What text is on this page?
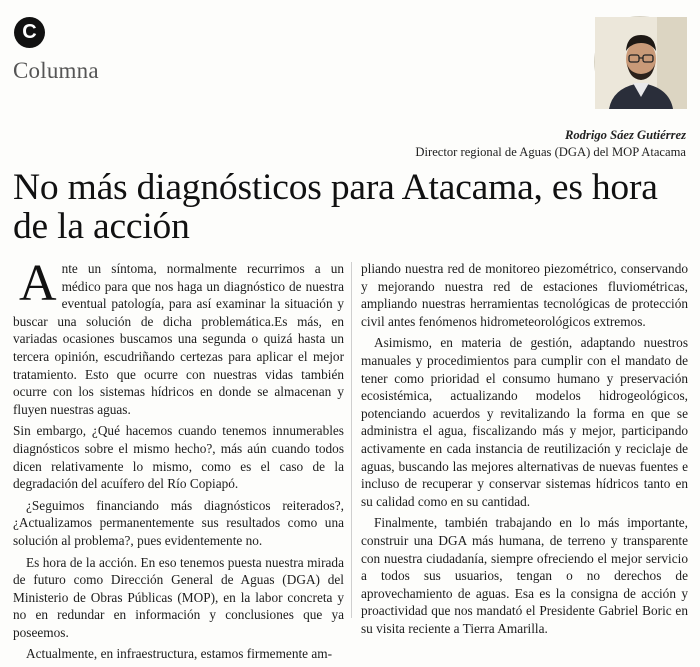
C
Columna
Rodrigo Sáez Gutiérrez
Director regional de Aguas (DGA) del MOP Atacama
No más diagnósticos para Atacama, es hora de la acción

Ante un síntoma, normalmente recurrimos a un médico para que nos haga un diagnóstico de nuestra eventual patología, para así examinar la situación y buscar una solución de dicha problemática.Es más, en variadas ocasiones buscamos una segunda o quizá hasta un tercera opinión, escudriñando certezas para aplicar el mejor tratamiento. Esto que ocurre con nuestras vidas también ocurre con los sistemas hídricos en donde se almacenan y fluyen nuestras aguas.

Sin embargo, ¿Qué hacemos cuando tenemos innumerables diagnósticos sobre el mismo hecho?, más aún cuando todos dicen relativamente lo mismo, como es el caso de la degradación del acuífero del Río Copiapó.

¿Seguimos financiando más diagnósticos reiterados?, ¿Actualizamos permanentemente sus resultados como una solución al problema?, pues evidentemente no.

Es hora de la acción. En eso tenemos puesta nuestra mirada de futuro como Dirección General de Aguas (DGA) del Ministerio de Obras Públicas (MOP), en la labor concreta y no en redundar en información y conclusiones que ya poseemos.

Actualmente, en infraestructura, estamos firmemente am-

pliando nuestra red de monitoreo piezométrico, conservando y mejorando nuestra red de estaciones fluviométricas, ampliando nuestras herramientas tecnológicas de protección civil antes fenómenos hidrometeorológicos extremos.

Asimismo, en materia de gestión, adaptando nuestros manuales y procedimientos para cumplir con el mandato de tener como prioridad el consumo humano y preservación ecosistémica, actualizando modelos hidrogeológicos, potenciando acuerdos y revitalizando la forma en que se administra el agua, fiscalizando más y mejor, participando activamente en cada instancia de reutilización y reciclaje de aguas, buscando las mejores alternativas de nuevas fuentes e incluso de recuperar y conservar sistemas hídricos tanto en su calidad como en su cantidad.

Finalmente, también trabajando en lo más importante, construir una DGA más humana, de terreno y transparente con nuestra ciudadanía, siempre ofreciendo el mejor servicio a todos sus usuarios, tengan o no derechos de aprovechamiento de aguas. Esa es la consigna de acción y proactividad que nos mandató el Presidente Gabriel Boric en su visita reciente a Tierra Amarilla.
